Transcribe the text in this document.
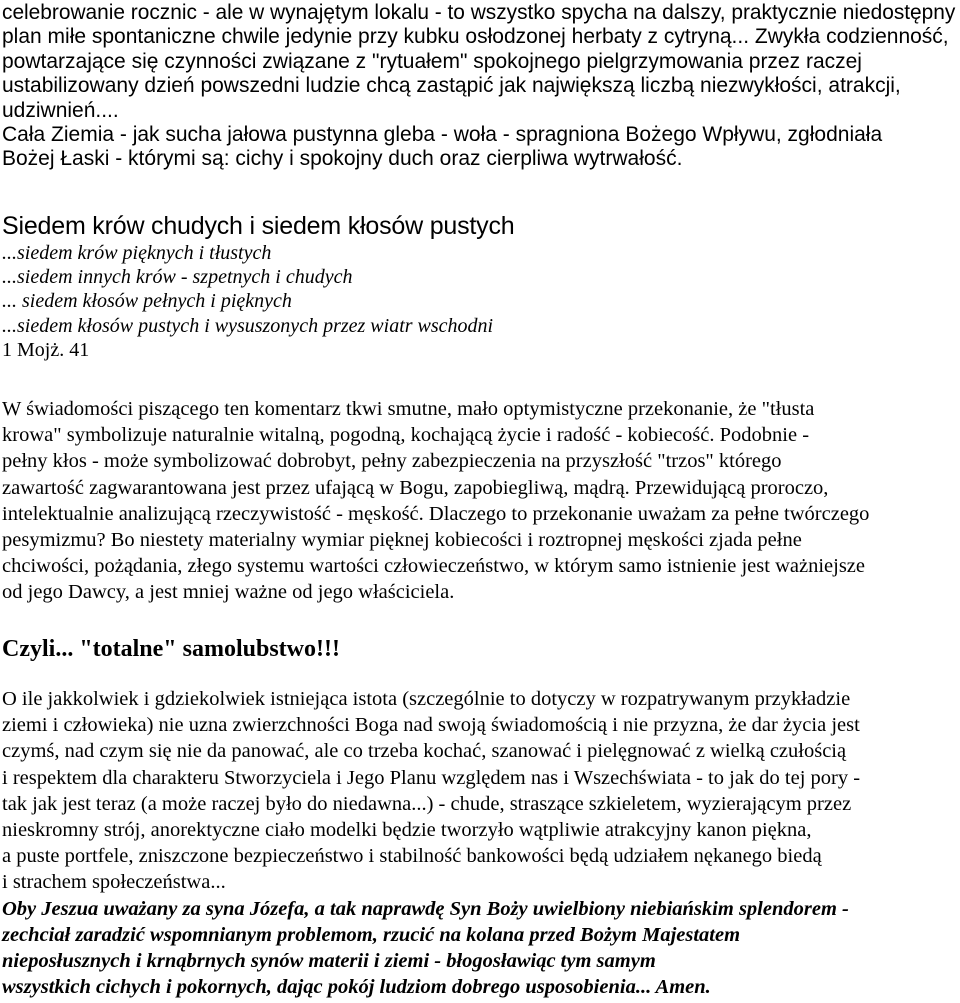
celebrowanie rocznic - ale w wynajętym lokalu - to wszystko spycha na dalszy, praktycznie niedostępny
plan miłe spontaniczne chwile jedynie przy kubku osłodzonej herbaty z cytryną... Zwykła codzienność,
powtarzające się czynności związane z "rytuałem" spokojnego pielgrzymowania przez raczej
ustabilizowany dzień powszedni ludzie chcą zastąpić jak największą liczbą niezwykłości, atrakcji,
udziwnień....
Cała Ziemia - jak sucha jałowa pustynna gleba - woła - spragniona Bożego Wpływu, zgłodniała
Bożej Łaski - którymi są: cichy i spokojny duch oraz cierpliwa wytrwałość.
Siedem krów chudych i siedem kłosów pustych
...siedem krów pięknych i tłustych
...siedem innych krów - szpetnych i chudych
... siedem kłosów pełnych i pięknych
...siedem kłosów pustych i wysuszonych przez wiatr wschodni
1 Mojż. 41
W świadomości piszącego ten komentarz tkwi smutne, mało optymistyczne przekonanie, że "tłusta
krowa" symbolizuje naturalnie witalną, pogodną, kochającą życie i radość - kobiecość. Podobnie -
pełny kłos - może symbolizować dobrobyt, pełny zabezpieczenia na przyszłość "trzos" którego
zawartość zagwarantowana jest przez ufającą w Bogu, zapobiegliwą, mądrą. Przewidującą proroczo,
intelektualnie analizującą rzeczywistość - męskość. Dlaczego to przekonanie uważam za pełne twórczego
pesymizmu? Bo niestety materialny wymiar pięknej kobiecości i roztropnej męskości zjada pełne
chciwości, pożądania, złego systemu wartości człowieczeństwo, w którym samo istnienie jest ważniejsze
od jego Dawcy, a jest mniej ważne od jego właściciela.
Czyli... "totalne" samolubstwo!!!
O ile jakkolwiek i gdziekolwiek istniejąca istota (szczególnie to dotyczy w rozpatrywanym przykładzie
ziemi i człowieka) nie uzna zwierzchności Boga nad swoją świadomością i nie przyzna, że dar życia jest
czymś, nad czym się nie da panować, ale co trzeba kochać, szanować i pielęgnować z wielką czułością
i respektem dla charakteru Stworzyciela i Jego Planu względem nas i Wszechświata - to jak do tej pory -
tak jak jest teraz (a może raczej było do niedawna...) - chude, straszące szkieletem, wyzierającym przez
nieskromny strój, anorektyczne ciało modelki będzie tworzyło wątpliwie atrakcyjny kanon piękna,
a puste portfele, zniszczone bezpieczeństwo i stabilność bankowości będą udziałem nękanego biedą
i strachem społeczeństwa...
Oby Jeszua uważany za syna Józefa, a tak naprawdę Syn Boży uwielbiony niebiańskim splendorem -
zechciał zaradzić wspomnianym problemom, rzucić na kolana przed Bożym Majestatem
nieposłusznych i krnąbrnych synów materii i ziemi - błogosławiąc tym samym
wszystkich cichych i pokornych, dając pokój ludziom dobrego usposobienia... Amen.
